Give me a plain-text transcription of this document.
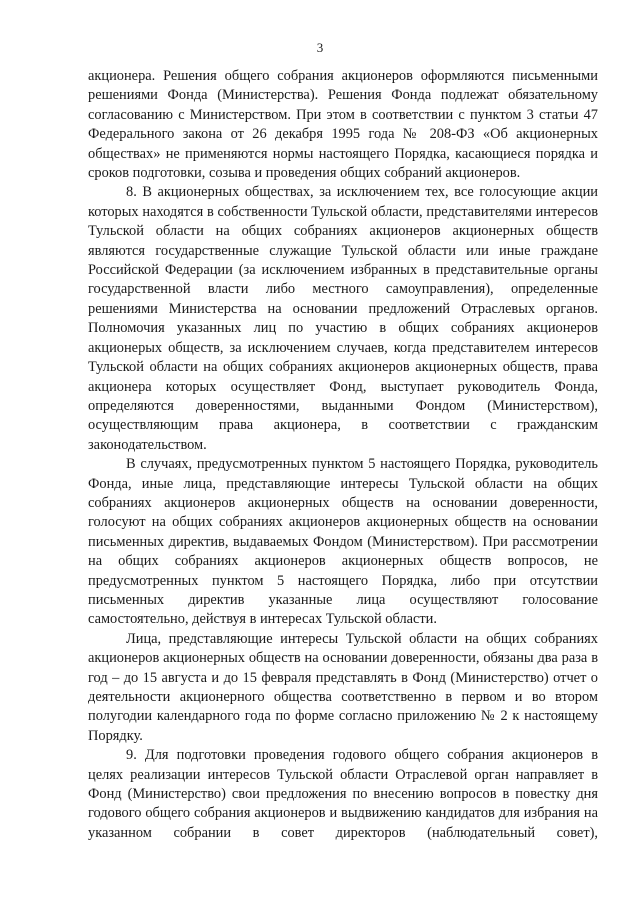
3

акционера. Решения общего собрания акционеров оформляются письменными решениями Фонда (Министерства). Решения Фонда подлежат обязательному согласованию с Министерством. При этом в соответствии с пунктом 3 статьи 47 Федерального закона от 26 декабря 1995 года № 208-ФЗ «Об акционерных обществах» не применяются нормы настоящего Порядка, касающиеся порядка и сроков подготовки, созыва и проведения общих собраний акционеров.

8. В акционерных обществах, за исключением тех, все голосующие акции которых находятся в собственности Тульской области, представителями интересов Тульской области на общих собраниях акционеров акционерных обществ являются государственные служащие Тульской области или иные граждане Российской Федерации (за исключением избранных в представительные органы государственной власти либо местного самоуправления), определенные решениями Министерства на основании предложений Отраслевых органов. Полномочия указанных лиц по участию в общих собраниях акционеров акционерых обществ, за исключением случаев, когда представителем интересов Тульской области на общих собраниях акционеров акционерных обществ, права акционера которых осуществляет Фонд, выступает руководитель Фонда, определяются доверенностями, выданными Фондом (Министерством), осуществляющим права акционера, в соответствии с гражданским законодательством.

В случаях, предусмотренных пунктом 5 настоящего Порядка, руководитель Фонда, иные лица, представляющие интересы Тульской области на общих собраниях акционеров акционерных обществ на основании доверенности, голосуют на общих собраниях акционеров акционерных обществ на основании письменных директив, выдаваемых Фондом (Министерством). При рассмотрении на общих собраниях акционеров акционерных обществ вопросов, не предусмотренных пунктом 5 настоящего Порядка, либо при отсутствии письменных директив указанные лица осуществляют голосование самостоятельно, действуя в интересах Тульской области.

Лица, представляющие интересы Тульской области на общих собраниях акционеров акционерных обществ на основании доверенности, обязаны два раза в год – до 15 августа и до 15 февраля представлять в Фонд (Министерство) отчет о деятельности акционерного общества соответственно в первом и во втором полугодии календарного года по форме согласно приложению № 2 к настоящему Порядку.

9. Для подготовки проведения годового общего собрания акционеров в целях реализации интересов Тульской области Отраслевой орган направляет в Фонд (Министерство) свои предложения по внесению вопросов в повестку дня годового общего собрания акционеров и выдвижению кандидатов для избрания на указанном собрании в совет директоров (наблюдательный совет),
